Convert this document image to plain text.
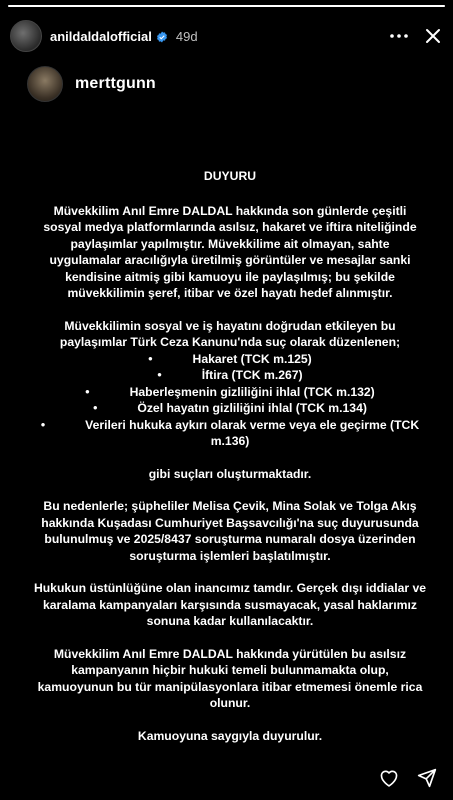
anildaldalofficial 49d
merttgunn

DUYURU

Müvekkilim Anıl Emre DALDAL hakkında son günlerde çeşitli sosyal medya platformlarında asılsız, hakaret ve iftira niteliğinde paylaşımlar yapılmıştır. Müvekkilime ait olmayan, sahte uygulamalar aracılığıyla üretilmiş görüntüler ve mesajlar sanki kendisine aitmiş gibi kamuoyu ile paylaşılmış; bu şekilde müvekkilimin şeref, itibar ve özel hayatı hedef alınmıştır.

Müvekkilimin sosyal ve iş hayatını doğrudan etkileyen bu paylaşımlar Türk Ceza Kanunu'nda suç olarak düzenlenen;

•	Hakaret (TCK m.125)
•	İftira (TCK m.267)
•	Haberleşmenin gizliliğini ihlal (TCK m.132)
•	Özel hayatın gizliliğini ihlal (TCK m.134)
•	Verileri hukuka aykırı olarak verme veya ele geçirme (TCK m.136)

gibi suçları oluşturmaktadır.

Bu nedenlerle; şüpheliler Melisa Çevik, Mina Solak ve Tolga Akış hakkında Kuşadası Cumhuriyet Başsavcılığı'na suç duyurusunda bulunulmuş ve 2025/8437 soruşturma numaralı dosya üzerinden soruşturma işlemleri başlatılmıştır.

Hukukun üstünlüğüne olan inancımız tamdır. Gerçek dışı iddialar ve karalama kampanyaları karşısında susmayacak, yasal haklarımız sonuna kadar kullanılacaktır.

Müvekkilim Anıl Emre DALDAL hakkında yürütülen bu asılsız kampanyanın hiçbir hukuki temeli bulunmamakta olup, kamuoyunun bu tür manipülasyonlara itibar etmemesi önemle rica olunur.

Kamuoyuna saygıyla duyurulur.
